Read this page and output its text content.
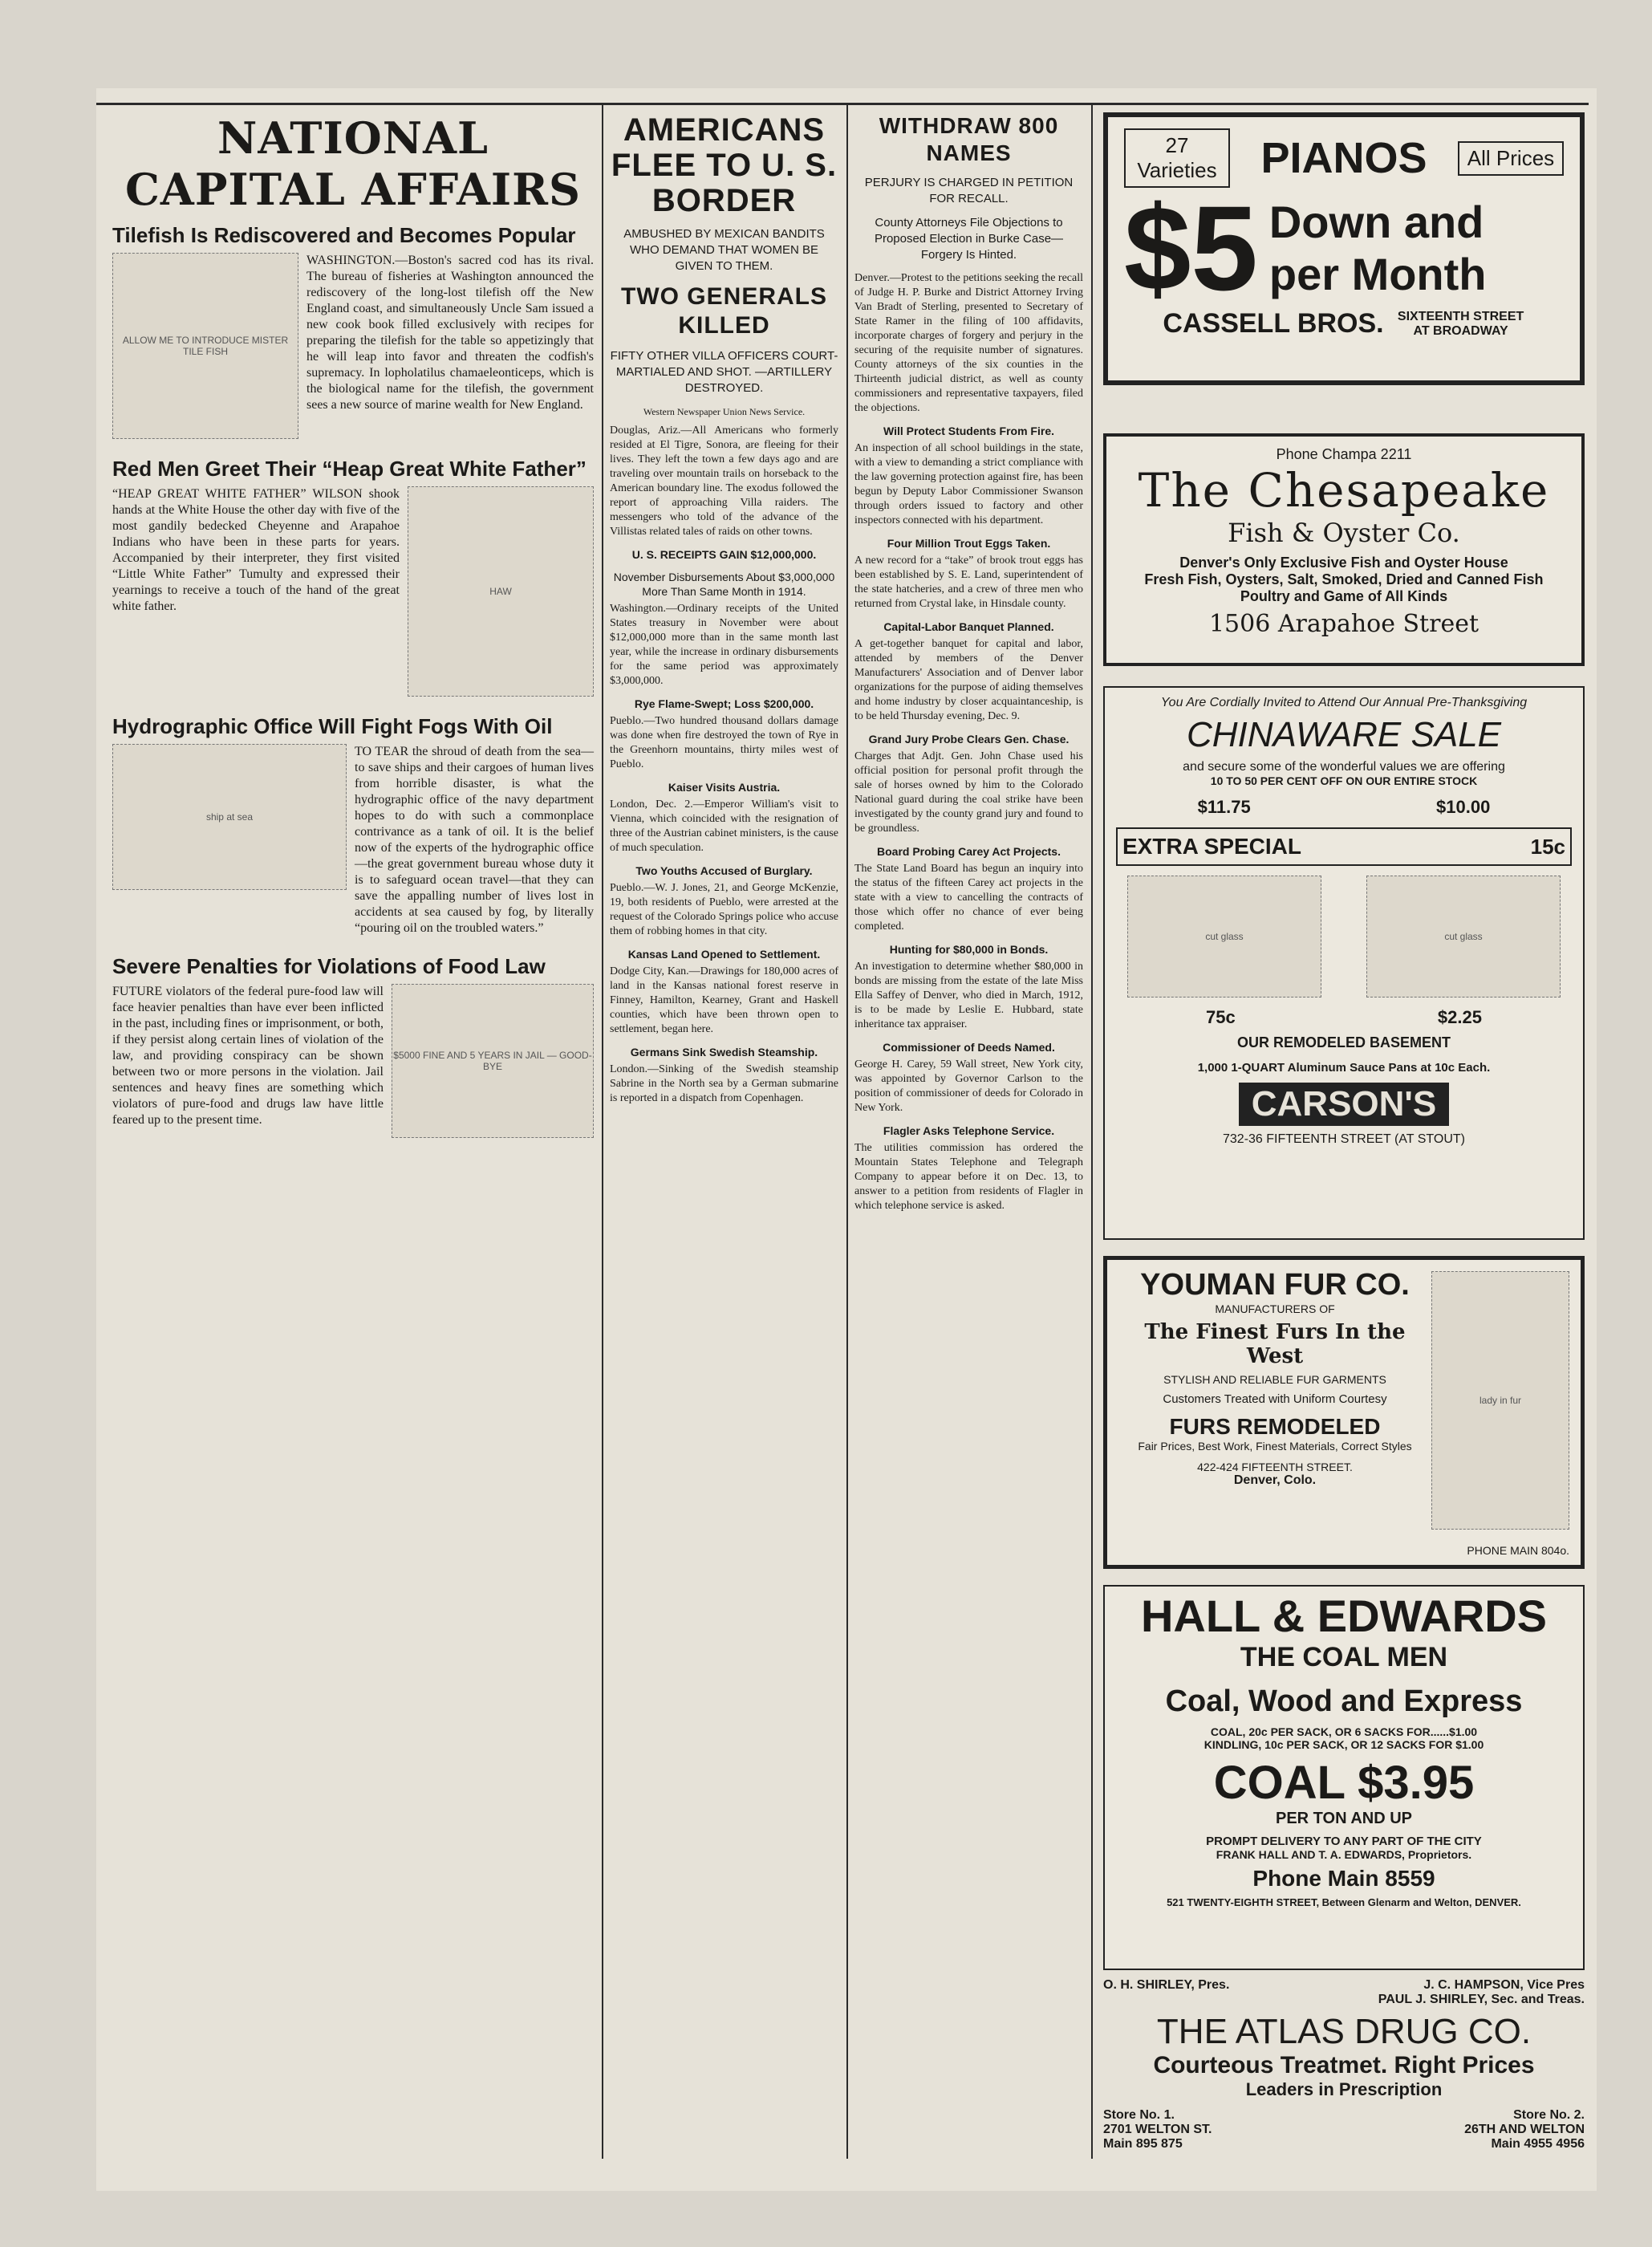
NATIONAL CAPITAL AFFAIRS
Tilefish Is Rediscovered and Becomes Popular
ALLOW ME TO INTRODUCE MISTER TILE FISH

WASHINGTON.—Boston's sacred cod has its rival. The bureau of fisheries at Washington announced the rediscovery of the long-lost tilefish off the New England coast, and simultaneously Uncle Sam issued a new cook book filled exclusively with recipes for preparing the tilefish for the table so appetizingly that he will leap into favor and threaten the codfish's supremacy. In lopholatilus chamaeleonticeps, which is the biological name for the tilefish, the government sees a new source of marine wealth for New England.

Red Men Greet Their “Heap Great White Father”

“HEAP GREAT WHITE FATHER” WILSON shook hands at the White House the other day with five of the most gandily bedecked Cheyenne and Arapahoe Indians who have been in these parts for years. Accompanied by their interpreter, they first visited “Little White Father” Tumulty and expressed their yearnings to receive a touch of the hand of the great white father.

HAW
Hydrographic Office Will Fight Fogs With Oil
ship at sea

TO TEAR the shroud of death from the sea—to save ships and their cargoes of human lives from horrible disaster, is what the hydrographic office of the navy department hopes to do with such a commonplace contrivance as a tank of oil. It is the belief now of the experts of the hydrographic office—the great government bureau whose duty it is to safeguard ocean travel—that they can save the appalling number of lives lost in accidents at sea caused by fog, by literally “pouring oil on the troubled waters.”

Severe Penalties for Violations of Food Law

FUTURE violators of the federal pure-food law will face heavier penalties than have ever been inflicted in the past, including fines or imprisonment, or both, if they persist along certain lines of violation of the law, and providing conspiracy can be shown between two or more persons in the violation. Jail sentences and heavy fines are something which violators of pure-food and drugs law have little feared up to the present time.

$5000 FINE AND 5 YEARS IN JAIL — GOOD-BYE
AMERICANS FLEE TO U. S. BORDER
AMBUSHED BY MEXICAN BANDITS WHO DEMAND THAT WOMEN BE GIVEN TO THEM.
TWO GENERALS KILLED
FIFTY OTHER VILLA OFFICERS COURT-MARTIALED AND SHOT. —ARTILLERY DESTROYED.
Western Newspaper Union News Service.

Douglas, Ariz.—All Americans who formerly resided at El Tigre, Sonora, are fleeing for their lives. They left the town a few days ago and are traveling over mountain trails on horseback to the American boundary line. The exodus followed the report of approaching Villa raiders. The messengers who told of the advance of the Villistas related tales of raids on other towns.

U. S. RECEIPTS GAIN $12,000,000.
November Disbursements About $3,000,000 More Than Same Month in 1914.

Washington.—Ordinary receipts of the United States treasury in November were about $12,000,000 more than in the same month last year, while the increase in ordinary disbursements for the same period was approximately $3,000,000.

Rye Flame-Swept; Loss $200,000.

Pueblo.—Two hundred thousand dollars damage was done when fire destroyed the town of Rye in the Greenhorn mountains, thirty miles west of Pueblo.

Kaiser Visits Austria.

London, Dec. 2.—Emperor William's visit to Vienna, which coincided with the resignation of three of the Austrian cabinet ministers, is the cause of much speculation.

Two Youths Accused of Burglary.

Pueblo.—W. J. Jones, 21, and George McKenzie, 19, both residents of Pueblo, were arrested at the request of the Colorado Springs police who accuse them of robbing homes in that city.

Kansas Land Opened to Settlement.

Dodge City, Kan.—Drawings for 180,000 acres of land in the Kansas national forest reserve in Finney, Hamilton, Kearney, Grant and Haskell counties, which have been thrown open to settlement, began here.

Germans Sink Swedish Steamship.

London.—Sinking of the Swedish steamship Sabrine in the North sea by a German submarine is reported in a dispatch from Copenhagen.

WITHDRAW 800 NAMES
PERJURY IS CHARGED IN PETITION FOR RECALL.
County Attorneys File Objections to Proposed Election in Burke Case—Forgery Is Hinted.

Denver.—Protest to the petitions seeking the recall of Judge H. P. Burke and District Attorney Irving Van Bradt of Sterling, presented to Secretary of State Ramer in the filing of 100 affidavits, incorporate charges of forgery and perjury in the securing of the requisite number of signatures. County attorneys of the six counties in the Thirteenth judicial district, as well as county commissioners and representative taxpayers, filed the objections.

Will Protect Students From Fire.

An inspection of all school buildings in the state, with a view to demanding a strict compliance with the law governing protection against fire, has been begun by Deputy Labor Commissioner Swanson through orders issued to factory and other inspectors connected with his department.

Four Million Trout Eggs Taken.

A new record for a “take” of brook trout eggs has been established by S. E. Land, superintendent of the state hatcheries, and a crew of three men who returned from Crystal lake, in Hinsdale county.

Capital-Labor Banquet Planned.

A get-together banquet for capital and labor, attended by members of the Denver Manufacturers' Association and of Denver labor organizations for the purpose of aiding themselves and home industry by closer acquaintanceship, is to be held Thursday evening, Dec. 9.

Grand Jury Probe Clears Gen. Chase.

Charges that Adjt. Gen. John Chase used his official position for personal profit through the sale of horses owned by him to the Colorado National guard during the coal strike have been investigated by the county grand jury and found to be groundless.

Board Probing Carey Act Projects.

The State Land Board has begun an inquiry into the status of the fifteen Carey act projects in the state with a view to cancelling the contracts of those which offer no chance of ever being completed.

Hunting for $80,000 in Bonds.

An investigation to determine whether $80,000 in bonds are missing from the estate of the late Miss Ella Saffey of Denver, who died in March, 1912, is to be made by Leslie E. Hubbard, state inheritance tax appraiser.

Commissioner of Deeds Named.

George H. Carey, 59 Wall street, New York city, was appointed by Governor Carlson to the position of commissioner of deeds for Colorado in New York.

Flagler Asks Telephone Service.

The utilities commission has ordered the Mountain States Telephone and Telegraph Company to appear before it on Dec. 13, to answer to a petition from residents of Flagler in which telephone service is asked.

27 Varieties	PIANOS	All Prices
$5 Down and
per Month
CASSELL BROS. SIXTEENTH STREET AT BROADWAY
Phone Champa 2211
The Chesapeake
Fish & Oyster Co.
Denver's Only Exclusive Fish and Oyster House
Fresh Fish, Oysters, Salt, Smoked, Dried and Canned Fish
Poultry and Game of All Kinds
1506 Arapahoe Street
You Are Cordially Invited to Attend Our Annual Pre-Thanksgiving
CHINAWARE SALE
and secure some of the wonderful values we are offering
10 TO 50 PER CENT OFF ON OUR ENTIRE STOCK
$11.75	$10.00
EXTRA SPECIAL	15c
cut glass	cut glass
75c	$2.25
OUR REMODELED BASEMENT
1,000 1-QUART Aluminum Sauce Pans at 10c Each.
CARSON'S
732-36 FIFTEENTH STREET (AT STOUT)
YOUMAN FUR CO.
MANUFACTURERS OF
The Finest Furs In the West
STYLISH AND RELIABLE FUR GARMENTS
Customers Treated with Uniform Courtesy
FURS REMODELED
Fair Prices, Best Work, Finest Materials, Correct Styles
422-424 FIFTEENTH STREET.
Denver, Colo.
lady in fur
PHONE MAIN 804o.
HALL & EDWARDS
THE COAL MEN
Coal, Wood and Express
COAL, 20c PER SACK, OR 6 SACKS FOR......$1.00
KINDLING, 10c PER SACK, OR 12 SACKS FOR $1.00
COAL $3.95
PER TON AND UP
PROMPT DELIVERY TO ANY PART OF THE CITY
FRANK HALL AND T. A. EDWARDS, Proprietors.
Phone Main 8559
521 TWENTY-EIGHTH STREET, Between Glenarm and Welton, DENVER.
O. H. SHIRLEY, Pres.	J. C. HAMPSON, Vice Pres
PAUL J. SHIRLEY, Sec. and Treas.
THE ATLAS DRUG CO.
Courteous Treatmet. Right Prices
Leaders in Prescription
Store No. 1.
2701 WELTON ST.
Main 895 875
Store No. 2.
26TH AND WELTON
Main 4955 4956
